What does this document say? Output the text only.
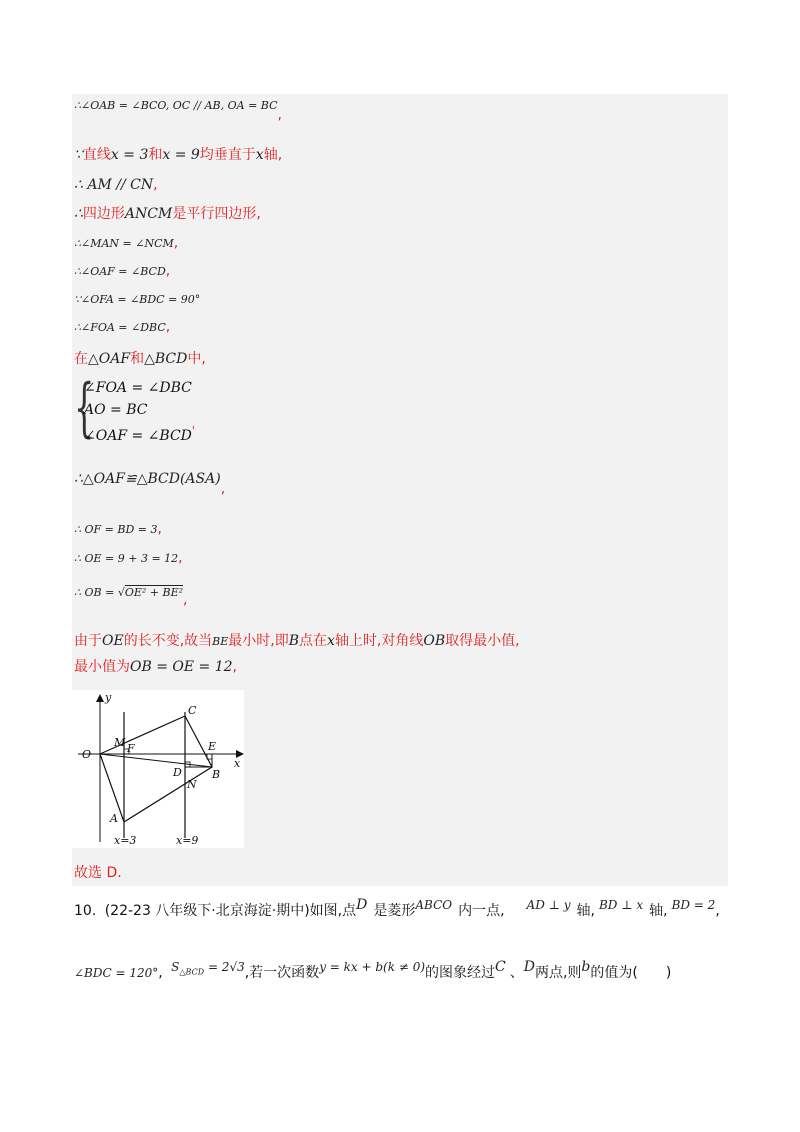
∴∠OAB = ∠BCO, OC // AB, OA = BC,
∵直线x = 3和x = 9均垂直于x轴,
∴ AM // CN,
∴四边形ANCM是平行四边形,
∴∠MAN = ∠NCM,
∴∠OAF = ∠BCD,
∵∠OFA = ∠BDC = 90°
∴∠FOA = ∠DBC,
在△OAF和△BCD中,
{
∠FOA = ∠DBC
AO = BC
∠OAF = ∠BCD'
∴△OAF≌△BCD(ASA),
∴ OF = BD = 3,
∴ OE = 9 + 3 = 12,
∴ OB = √OE² + BE²,
由于OE的长不变,故当BE最小时,即B点在x轴上时,对角线OB取得最小值,
最小值为OB = OE = 12,
y
x
C
M F	E
O
D	B
N
A
x=3	x=9
故选 D.
10. (22-23 八年级下·北京海淀·期中)如图,点D 是菱形ABCO 内一点, AD ⊥ y 轴, BD ⊥ x 轴, BD = 2,
∠BDC = 120°, $S_{\triangle BCD} = 2√3$,若一次函数y = kx + b(k ≠ 0)的图象经过C 、D两点,则b的值为(　　)
